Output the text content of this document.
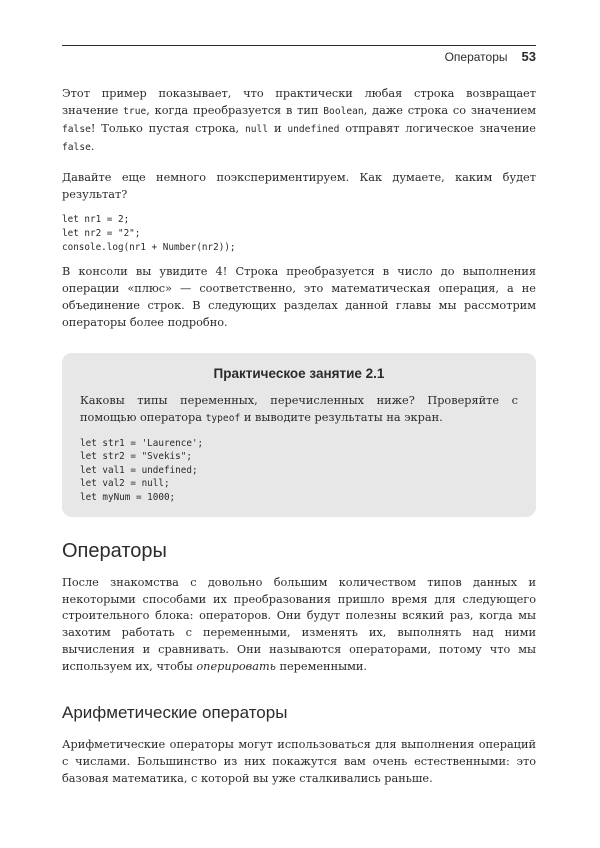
Операторы 53

Этот пример показывает, что практически любая строка возвращает значение true, когда преобразуется в тип Boolean, даже строка со значением false! Только пустая строка, null и undefined отправят логическое значение false.

Давайте еще немного поэкспериментируем. Как думаете, каким будет результат?

let nr1 = 2;
let nr2 = "2";
console.log(nr1 + Number(nr2));

В консоли вы увидите 4! Строка преобразуется в число до выполнения операции «плюс» — соответственно, это математическая операция, а не объединение строк. В следующих разделах данной главы мы рассмотрим операторы более подробно.

Практическое занятие 2.1

Каковы типы переменных, перечисленных ниже? Проверяйте с помощью оператора typeof и выводите результаты на экран.

let str1 = 'Laurence';
let str2 = "Svekis";
let val1 = undefined;
let val2 = null;
let myNum = 1000;
Операторы

После знакомства с довольно большим количеством типов данных и некоторыми способами их преобразования пришло время для следующего строительного блока: операторов. Они будут полезны всякий раз, когда мы захотим работать с переменными, изменять их, выполнять над ними вычисления и сравнивать. Они называются операторами, потому что мы используем их, чтобы оперировать переменными.

Арифметические операторы

Арифметические операторы могут использоваться для выполнения операций с числами. Большинство из них покажутся вам очень естественными: это базовая математика, с которой вы уже сталкивались раньше.
